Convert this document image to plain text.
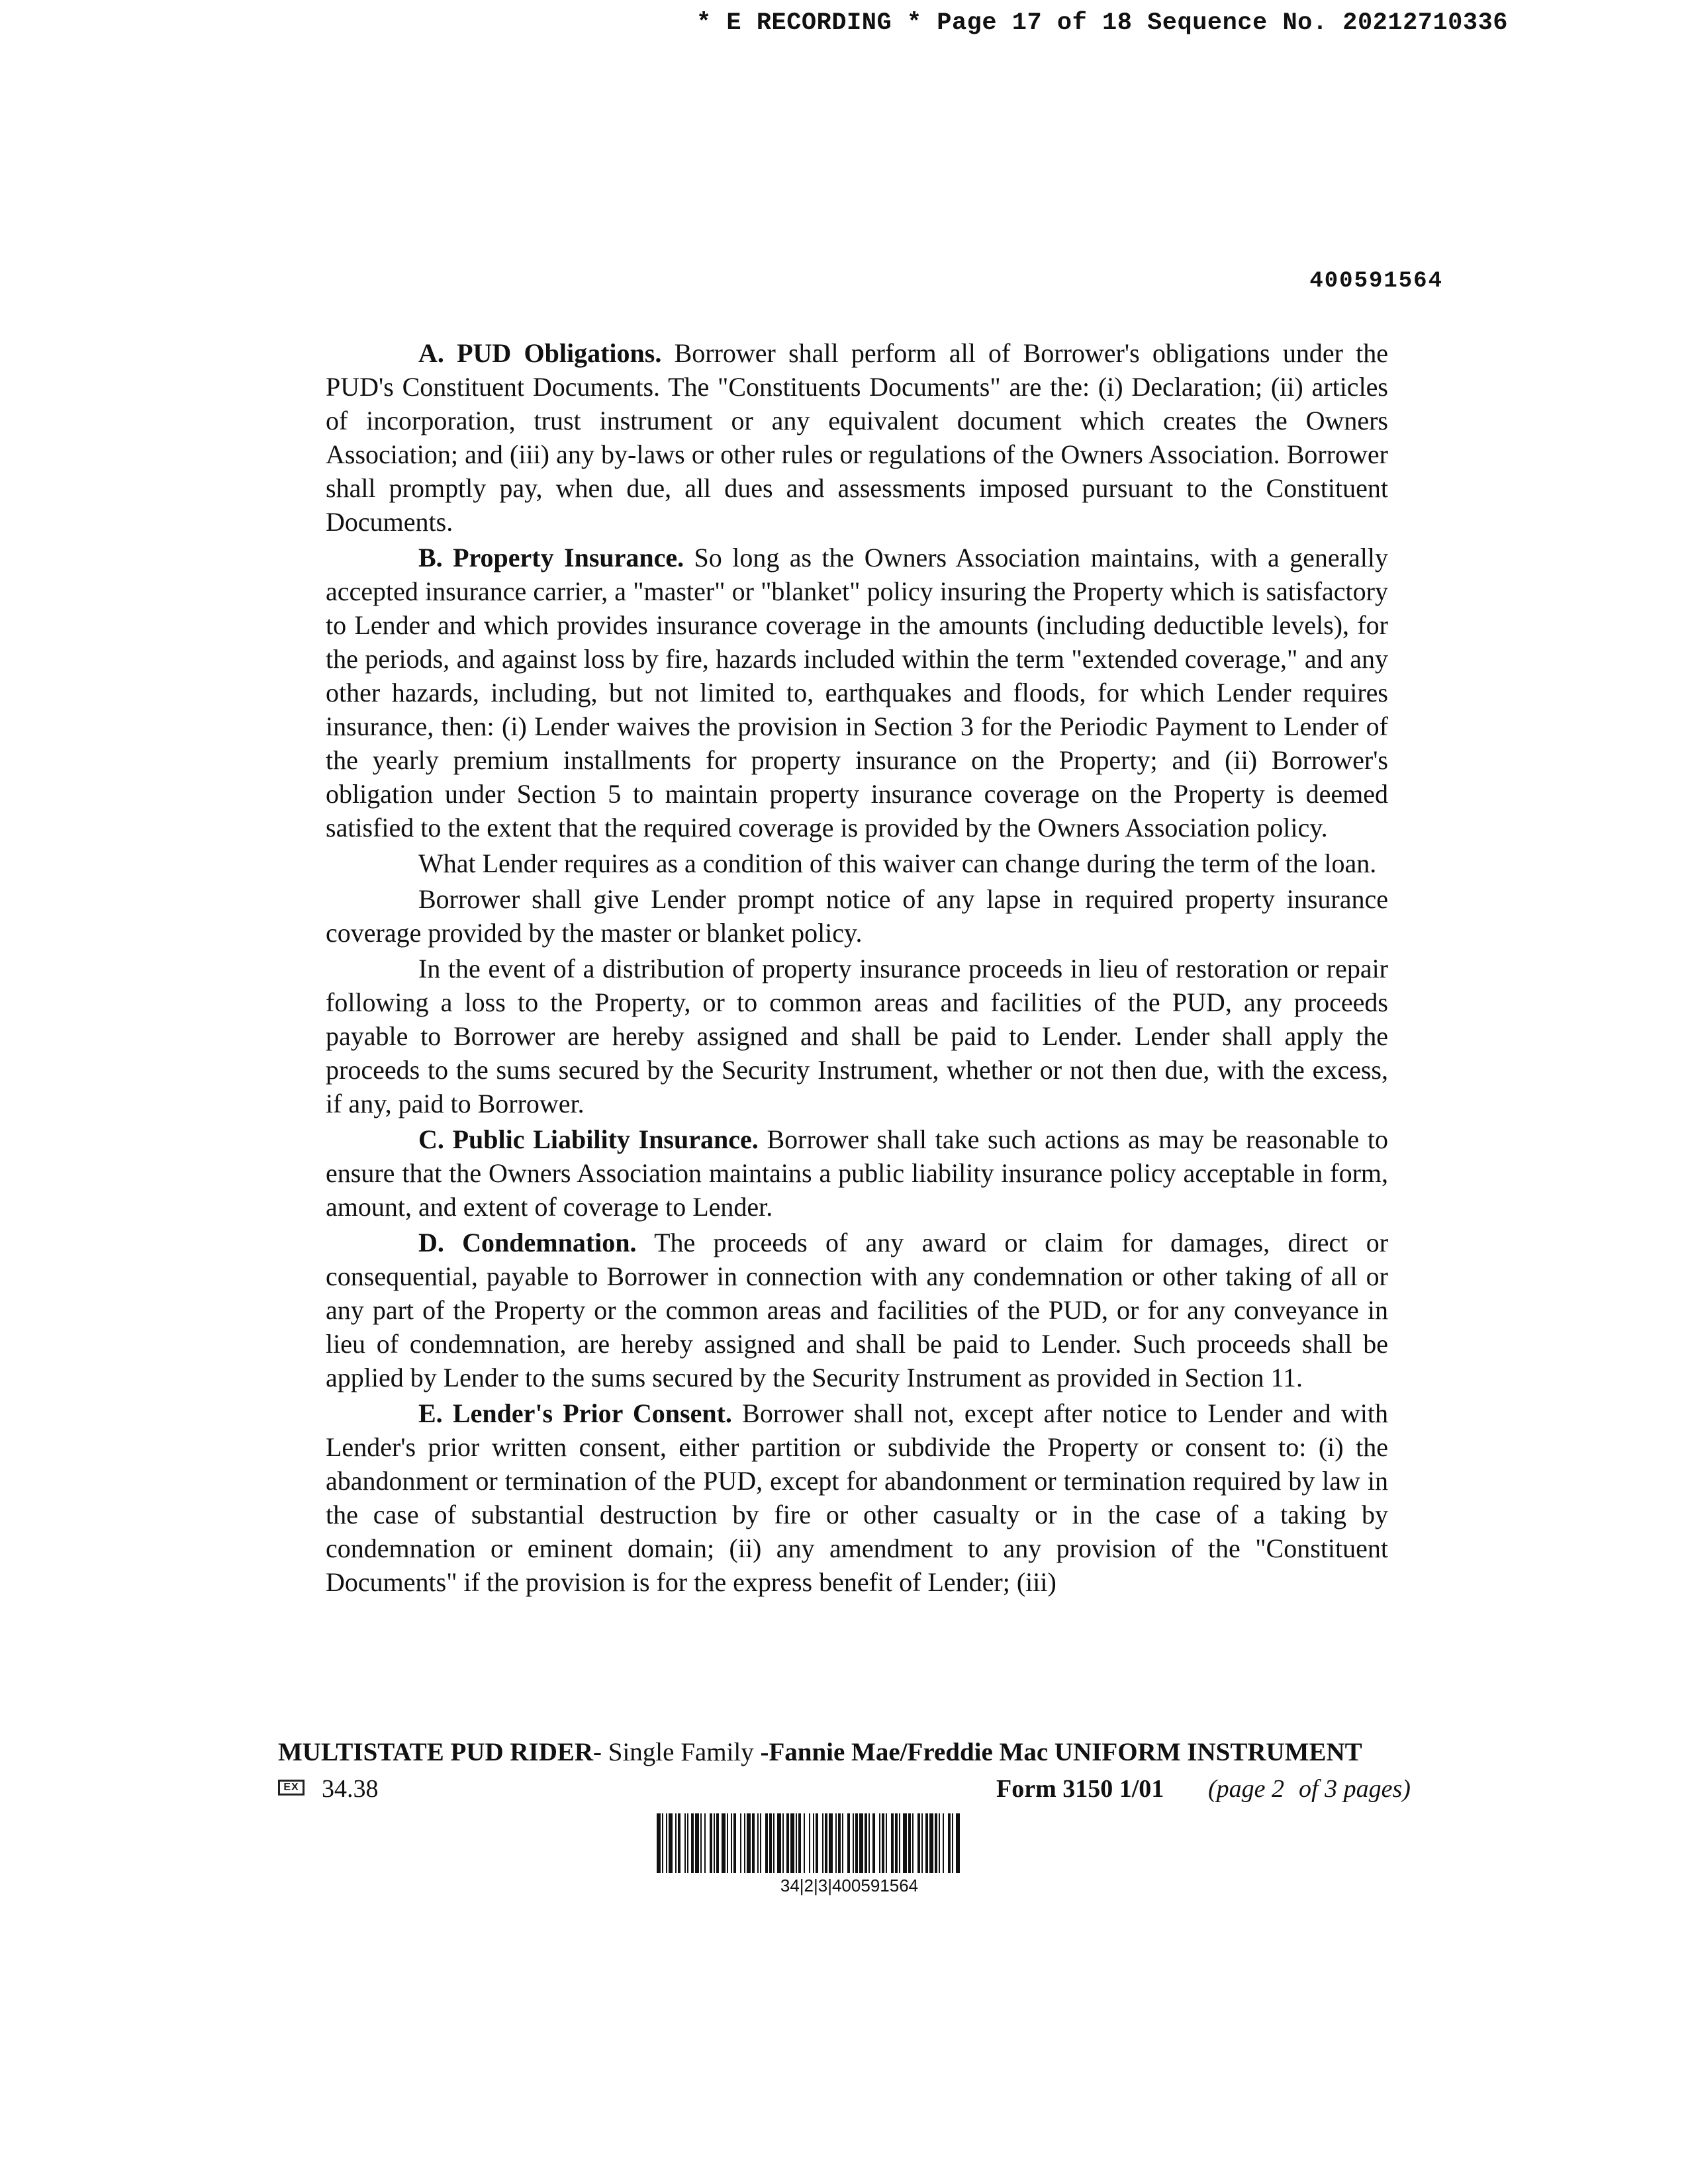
* E RECORDING * Page 17 of 18 Sequence No. 20212710336
400591564

A. PUD Obligations. Borrower shall perform all of Borrower's obligations under the PUD's Constituent Documents. The "Constituents Documents" are the: (i) Declaration; (ii) articles of incorporation, trust instrument or any equivalent document which creates the Owners Association; and (iii) any by-laws or other rules or regulations of the Owners Association. Borrower shall promptly pay, when due, all dues and assessments imposed pursuant to the Constituent Documents.

B. Property Insurance. So long as the Owners Association maintains, with a generally accepted insurance carrier, a "master" or "blanket" policy insuring the Property which is satisfactory to Lender and which provides insurance coverage in the amounts (including deductible levels), for the periods, and against loss by fire, hazards included within the term "extended coverage," and any other hazards, including, but not limited to, earthquakes and floods, for which Lender requires insurance, then: (i) Lender waives the provision in Section 3 for the Periodic Payment to Lender of the yearly premium installments for property insurance on the Property; and (ii) Borrower's obligation under Section 5 to maintain property insurance coverage on the Property is deemed satisfied to the extent that the required coverage is provided by the Owners Association policy.

What Lender requires as a condition of this waiver can change during the term of the loan.

Borrower shall give Lender prompt notice of any lapse in required property insurance coverage provided by the master or blanket policy.

In the event of a distribution of property insurance proceeds in lieu of restoration or repair following a loss to the Property, or to common areas and facilities of the PUD, any proceeds payable to Borrower are hereby assigned and shall be paid to Lender. Lender shall apply the proceeds to the sums secured by the Security Instrument, whether or not then due, with the excess, if any, paid to Borrower.

C. Public Liability Insurance. Borrower shall take such actions as may be reasonable to ensure that the Owners Association maintains a public liability insurance policy acceptable in form, amount, and extent of coverage to Lender.

D. Condemnation. The proceeds of any award or claim for damages, direct or consequential, payable to Borrower in connection with any condemnation or other taking of all or any part of the Property or the common areas and facilities of the PUD, or for any conveyance in lieu of condemnation, are hereby assigned and shall be paid to Lender. Such proceeds shall be applied by Lender to the sums secured by the Security Instrument as provided in Section 11.

E. Lender's Prior Consent. Borrower shall not, except after notice to Lender and with Lender's prior written consent, either partition or subdivide the Property or consent to: (i) the abandonment or termination of the PUD, except for abandonment or termination required by law in the case of substantial destruction by fire or other casualty or in the case of a taking by condemnation or eminent domain; (ii) any amendment to any provision of the "Constituent Documents" if the provision is for the express benefit of Lender; (iii)

MULTISTATE PUD RIDER- Single Family -Fannie Mae/Freddie Mac UNIFORM INSTRUMENT
EX 34.38	Form 3150 1/01 (page 2 of 3 pages)
34|2|3|400591564
